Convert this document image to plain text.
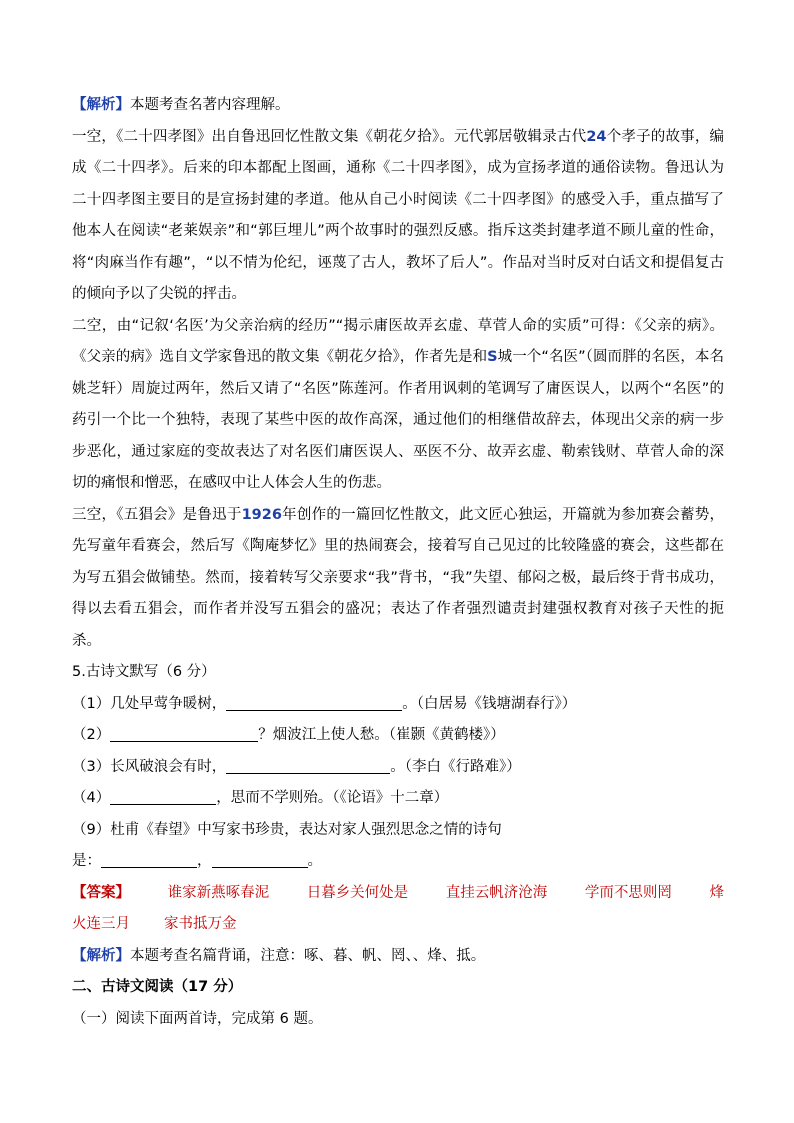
【解析】本题考查名著内容理解。

一空，《二十四孝图》出自鲁迅回忆性散文集《朝花夕拾》。元代郭居敬辑录古代24个孝子的故事，编成《二十四孝》。后来的印本都配上图画，通称《二十四孝图》，成为宣扬孝道的通俗读物。鲁迅认为二十四孝图主要目的是宣扬封建的孝道。他从自己小时阅读《二十四孝图》的感受入手，重点描写了他本人在阅读“老莱娱亲”和“郭巨埋儿”两个故事时的强烈反感。指斥这类封建孝道不顾儿童的性命，将“肉麻当作有趣”，“以不情为伦纪，诬蔑了古人，教坏了后人”。作品对当时反对白话文和提倡复古的倾向予以了尖锐的抨击。

二空，由“记叙‘名医’为父亲治病的经历”“揭示庸医故弄玄虚、草菅人命的实质”可得：《父亲的病》。《父亲的病》选自文学家鲁迅的散文集《朝花夕拾》，作者先是和S城一个“名医”（圆而胖的名医，本名姚芝轩）周旋过两年，然后又请了“名医”陈莲河。作者用讽刺的笔调写了庸医误人，以两个“名医”的药引一个比一个独特，表现了某些中医的故作高深，通过他们的相继借故辞去，体现出父亲的病一步步恶化，通过家庭的变故表达了对名医们庸医误人、巫医不分、故弄玄虚、勒索钱财、草菅人命的深切的痛恨和憎恶，在感叹中让人体会人生的伤悲。

三空，《五猖会》是鲁迅于1926年创作的一篇回忆性散文，此文匠心独运，开篇就为参加赛会蓄势，先写童年看赛会，然后写《陶庵梦忆》里的热闹赛会，接着写自己见过的比较隆盛的赛会，这些都在为写五猖会做铺垫。然而，接着转写父亲要求“我”背书，“我”失望、郁闷之极，最后终于背书成功，得以去看五猖会，而作者并没写五猖会的盛况；表达了作者强烈谴责封建强权教育对孩子天性的扼杀。

5.古诗文默写（6 分）

（1）几处早莺争暖树，	。（白居易《钱塘湖春行》）

（2）	？烟波江上使人愁。（崔颢《黄鹤楼》）

（3）长风破浪会有时，	。（李白《行路难》）

（4）	，思而不学则殆。（《论语》十二章）

（9）杜甫《春望》中写家书珍贵，表达对家人强烈思念之情的诗句

是：	，	。

【答案】	谁家新燕啄春泥	日暮乡关何处是	直挂云帆济沧海	学而不思则罔	烽

火连三月 家书抵万金

【解析】本题考查名篇背诵，注意：啄、暮、帆、罔、、烽、抵。

二、古诗文阅读（17 分）

（一）阅读下面两首诗，完成第 6 题。
